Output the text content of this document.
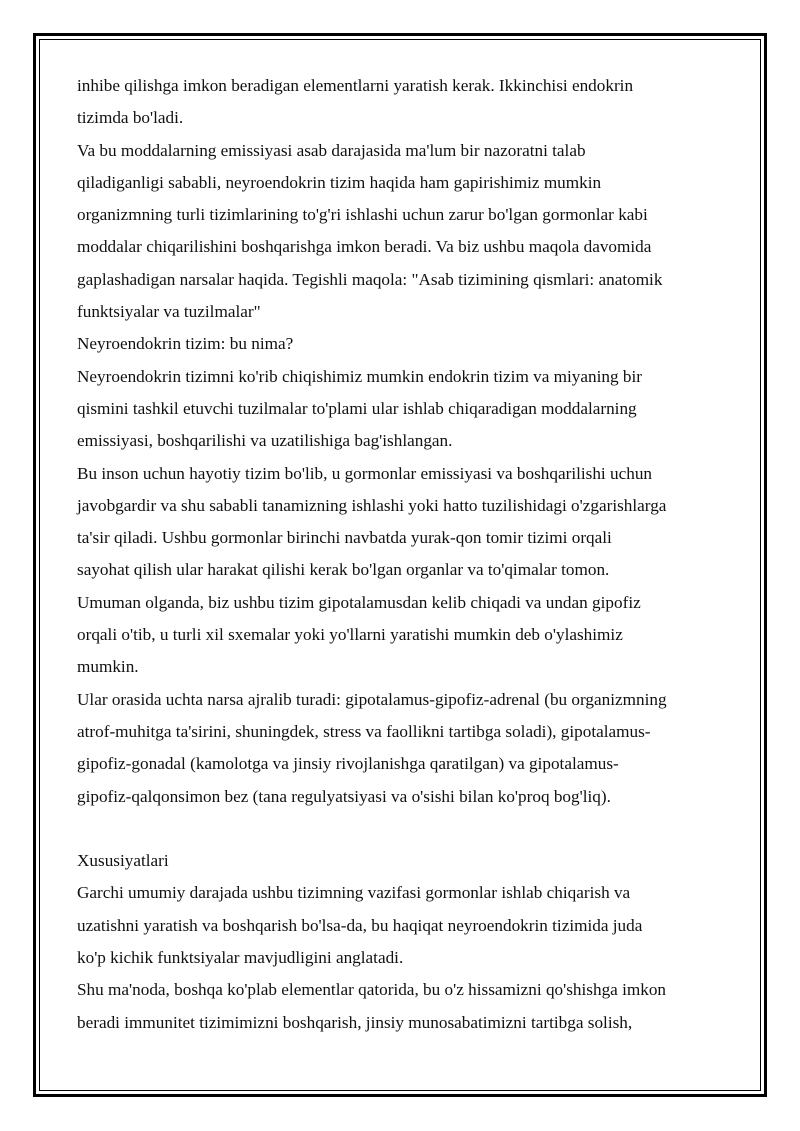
inhibe qilishga imkon beradigan elementlarni yaratish kerak. Ikkinchisi endokrin

tizimda bo'ladi.

Va bu moddalarning emissiyasi asab darajasida ma'lum bir nazoratni talab

qiladiganligi sababli, neyroendokrin tizim haqida ham gapirishimiz mumkin

organizmning turli tizimlarining to'g'ri ishlashi uchun zarur bo'lgan gormonlar kabi

moddalar chiqarilishini boshqarishga imkon beradi. Va biz ushbu maqola davomida

gaplashadigan narsalar haqida. Tegishli maqola: "Asab tizimining qismlari: anatomik

funktsiyalar va tuzilmalar"

Neyroendokrin tizim: bu nima?

Neyroendokrin tizimni ko'rib chiqishimiz mumkin endokrin tizim va miyaning bir

qismini tashkil etuvchi tuzilmalar to'plami ular ishlab chiqaradigan moddalarning

emissiyasi, boshqarilishi va uzatilishiga bag'ishlangan.

Bu inson uchun hayotiy tizim bo'lib, u gormonlar emissiyasi va boshqarilishi uchun

javobgardir va shu sababli tanamizning ishlashi yoki hatto tuzilishidagi o'zgarishlarga

ta'sir qiladi. Ushbu gormonlar birinchi navbatda yurak-qon tomir tizimi orqali

sayohat qilish ular harakat qilishi kerak bo'lgan organlar va to'qimalar tomon.

Umuman olganda, biz ushbu tizim gipotalamusdan kelib chiqadi va undan gipofiz

orqali o'tib, u turli xil sxemalar yoki yo'llarni yaratishi mumkin deb o'ylashimiz

mumkin.

Ular orasida uchta narsa ajralib turadi: gipotalamus-gipofiz-adrenal (bu organizmning

atrof-muhitga ta'sirini, shuningdek, stress va faollikni tartibga soladi), gipotalamus-

gipofiz-gonadal (kamolotga va jinsiy rivojlanishga qaratilgan) va gipotalamus-

gipofiz-qalqonsimon bez (tana regulyatsiyasi va o'sishi bilan ko'proq bog'liq).

Xususiyatlari

Garchi umumiy darajada ushbu tizimning vazifasi gormonlar ishlab chiqarish va

uzatishni yaratish va boshqarish bo'lsa-da, bu haqiqat neyroendokrin tizimida juda

ko'p kichik funktsiyalar mavjudligini anglatadi.

Shu ma'noda, boshqa ko'plab elementlar qatorida, bu o'z hissamizni qo'shishga imkon

beradi immunitet tizimimizni boshqarish, jinsiy munosabatimizni tartibga solish,
